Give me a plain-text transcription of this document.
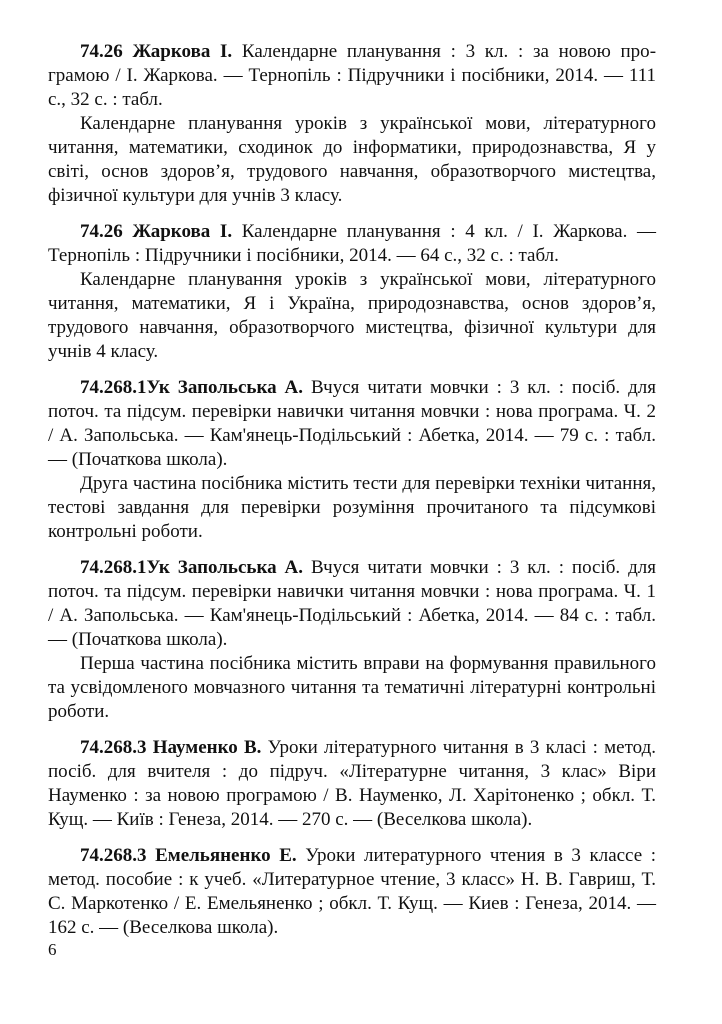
74.26 Жаркова І. Календарне планування : 3 кл. : за новою програмою / І. Жаркова. — Тернопіль : Підручники і посібники, 2014. — 111 с., 32 с. : табл.

Календарне планування уроків з української мови, літературного читання, математики, сходинок до інформатики, природознавства, Я у світі, основ здоров’я, трудового навчання, образотворчого мистецтва, фізичної культури для учнів 3 класу.

74.26 Жаркова І. Календарне планування : 4 кл. / І. Жаркова. — Тернопіль : Підручники і посібники, 2014. — 64 с., 32 с. : табл.

Календарне планування уроків з української мови, літературного читання, математики, Я і Україна, природознавства, основ здоров’я, трудового навчання, образотворчого мистецтва, фізичної культури для учнів 4 класу.

74.268.1Ук Запольська А. Вчуся читати мовчки : 3 кл. : посіб. для поточ. та підсум. перевірки навички читання мовчки : нова програма. Ч. 2 / А. Запольська. — Кам'янець-Подільський : Абетка, 2014. — 79 с. : табл. — (Початкова школа).

Друга частина посібника містить тести для перевірки техніки читання, тестові завдання для перевірки розуміння прочитаного та підсумкові контрольні роботи.

74.268.1Ук Запольська А. Вчуся читати мовчки : 3 кл. : посіб. для поточ. та підсум. перевірки навички читання мовчки : нова програма. Ч. 1 / А. Запольська. — Кам'янець-Подільський : Абетка, 2014. — 84 с. : табл. — (Початкова школа).

Перша частина посібника містить вправи на формування правильного та усвідомленого мовчазного читання та тематичні літературні контрольні роботи.

74.268.3 Науменко В. Уроки літературного читання в 3 класі : метод. посіб. для вчителя : до підруч. «Літературне читання, 3 клас» Віри Науменко : за новою програмою / В. Науменко, Л. Харітоненко ; обкл. Т. Кущ. — Київ : Генеза, 2014. — 270 с. — (Веселкова школа).

74.268.3 Емельяненко Е. Уроки литературного чтения в 3 классе : метод. пособие : к учеб. «Литературное чтение, 3 класс» Н. В. Гавриш, Т. С. Маркотенко / Е. Емельяненко ; обкл. Т. Кущ. — Киев : Генеза, 2014. — 162 с. — (Веселкова школа).

6
